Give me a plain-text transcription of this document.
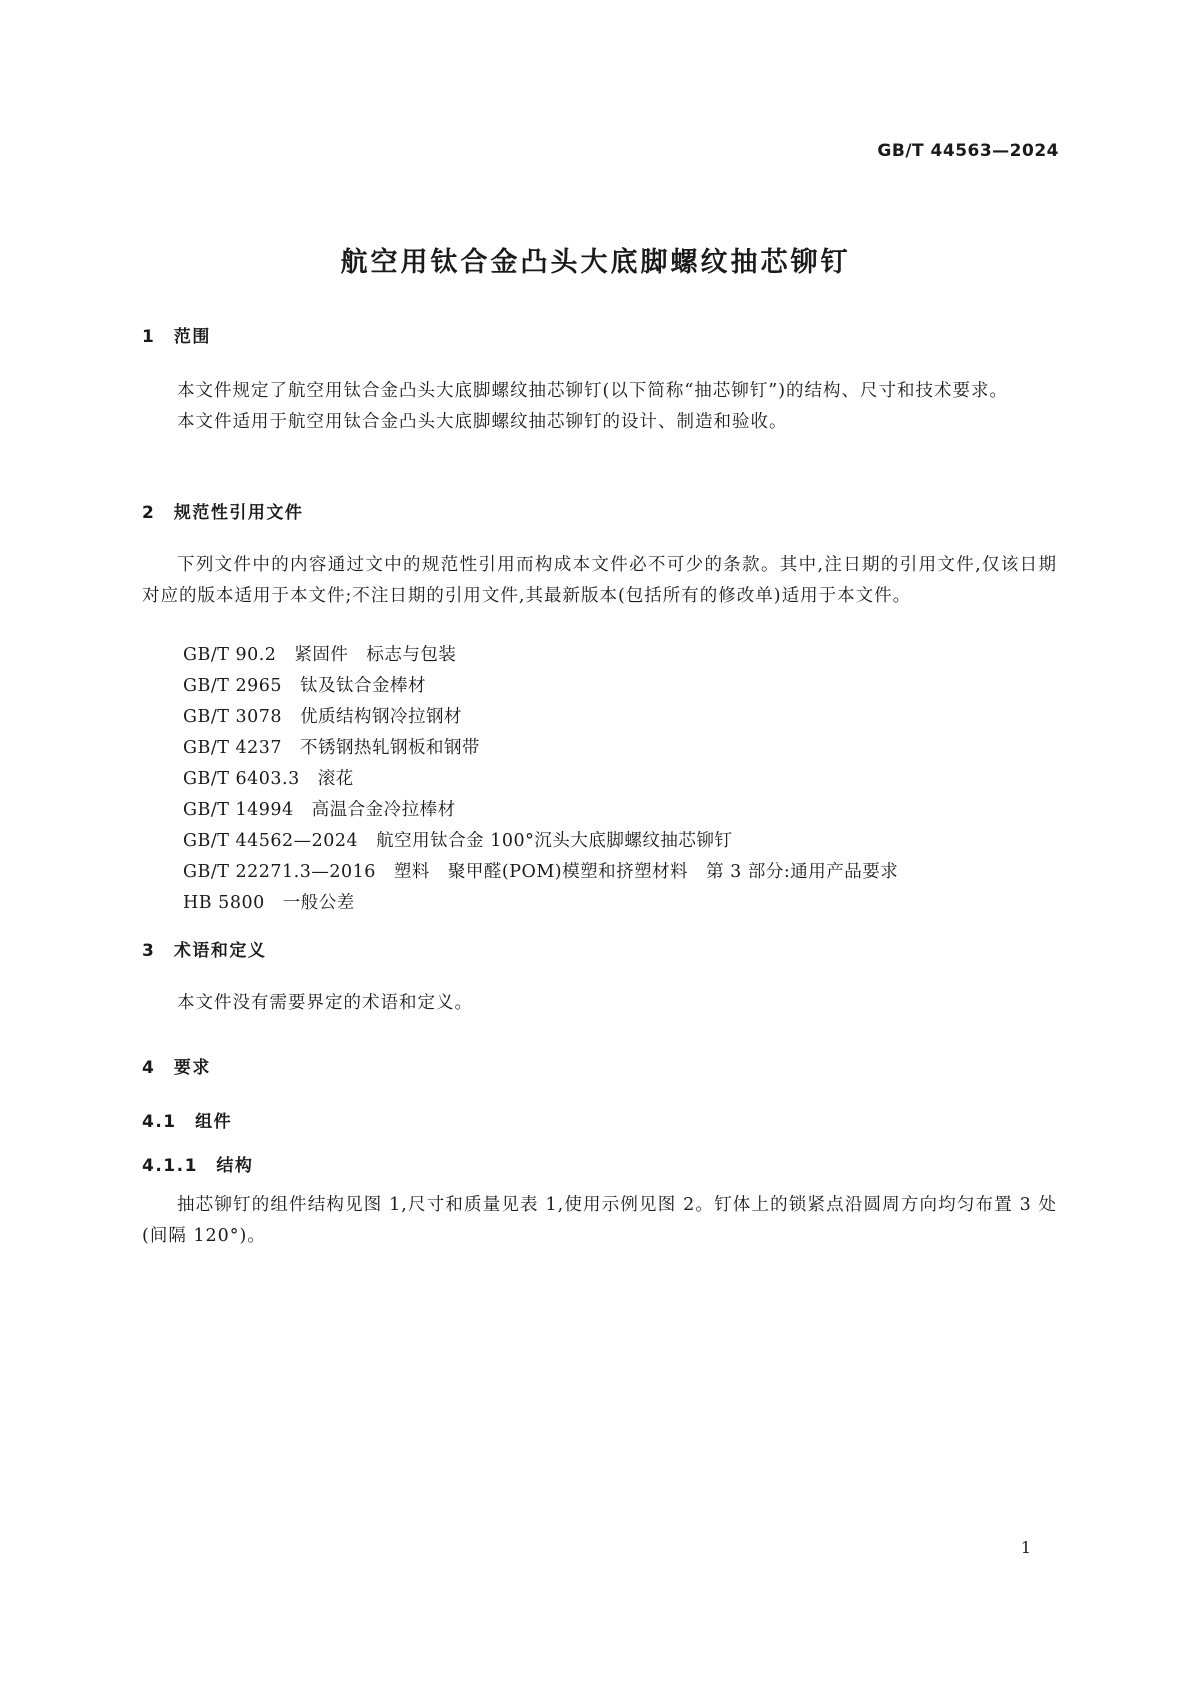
GB/T 44563—2024
航空用钛合金凸头大底脚螺纹抽芯铆钉
1　范围

本文件规定了航空用钛合金凸头大底脚螺纹抽芯铆钉(以下简称“抽芯铆钉”)的结构、尺寸和技术要求。

本文件适用于航空用钛合金凸头大底脚螺纹抽芯铆钉的设计、制造和验收。

2　规范性引用文件

下列文件中的内容通过文中的规范性引用而构成本文件必不可少的条款。其中,注日期的引用文件,仅该日期对应的版本适用于本文件;不注日期的引用文件,其最新版本(包括所有的修改单)适用于本文件。

GB/T 90.2　紧固件　标志与包装
GB/T 2965　钛及钛合金棒材
GB/T 3078　优质结构钢冷拉钢材
GB/T 4237　不锈钢热轧钢板和钢带
GB/T 6403.3　滚花
GB/T 14994　高温合金冷拉棒材
GB/T 44562—2024　航空用钛合金 100°沉头大底脚螺纹抽芯铆钉
GB/T 22271.3—2016　塑料　聚甲醛(POM)模塑和挤塑材料　第 3 部分:通用产品要求
HB 5800　一般公差
3　术语和定义

本文件没有需要界定的术语和定义。

4　要求
4.1　组件
4.1.1　结构

抽芯铆钉的组件结构见图 1,尺寸和质量见表 1,使用示例见图 2。钉体上的锁紧点沿圆周方向均匀布置 3 处(间隔 120°)。

1
